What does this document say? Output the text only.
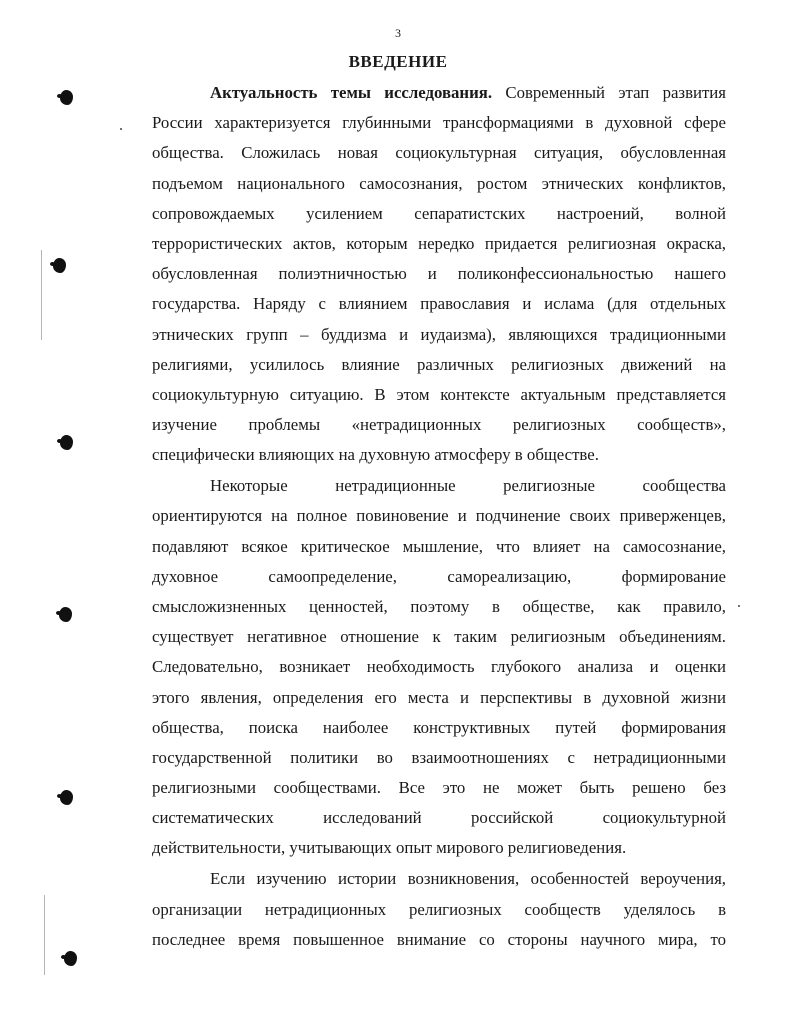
3
ВВЕДЕНИЕ
Актуальность темы исследования. Современный этап развития
России характеризуется глубинными трансформациями в духовной сфере
общества. Сложилась новая социокультурная ситуация, обусловленная
подъемом национального самосознания, ростом этнических конфликтов,
сопровождаемых усилением сепаратистских настроений, волной
террористических актов, которым нередко придается религиозная окраска,
обусловленная полиэтничностью и поликонфессиональностью нашего
государства. Наряду с влиянием православия и ислама (для отдельных
этнических групп – буддизма и иудаизма), являющихся традиционными
религиями, усилилось влияние различных религиозных движений на
социокультурную ситуацию. В этом контексте актуальным представляется
изучение проблемы «нетрадиционных религиозных сообществ»,
специфически влияющих на духовную атмосферу в обществе.
Некоторые нетрадиционные религиозные сообщества
ориентируются на полное повиновение и подчинение своих приверженцев,
подавляют всякое критическое мышление, что влияет на самосознание,
духовное самоопределение, самореализацию, формирование
смысложизненных ценностей, поэтому в обществе, как правило,
существует негативное отношение к таким религиозным объединениям.
Следовательно, возникает необходимость глубокого анализа и оценки
этого явления, определения его места и перспективы в духовной жизни
общества, поиска наиболее конструктивных путей формирования
государственной политики во взаимоотношениях с нетрадиционными
религиозными сообществами. Все это не может быть решено без
систематических исследований российской социокультурной
действительности, учитывающих опыт мирового религиоведения.
Если изучению истории возникновения, особенностей вероучения,
организации нетрадиционных религиозных сообществ уделялось в
последнее время повышенное внимание со стороны научного мира, то
